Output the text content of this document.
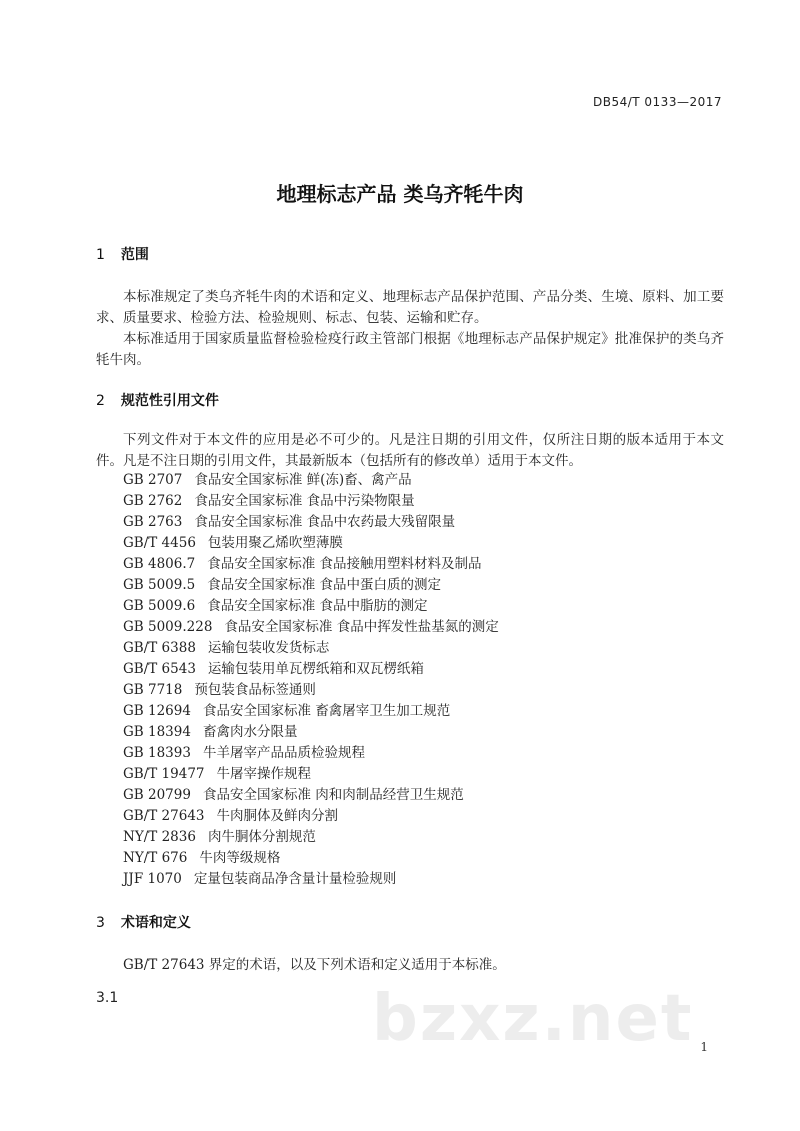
DB54/T 0133—2017
地理标志产品 类乌齐牦牛肉
1 范围
本标准规定了类乌齐牦牛肉的术语和定义、地理标志产品保护范围、产品分类、生境、原料、加工要求、质量要求、检验方法、检验规则、标志、包装、运输和贮存。
本标准适用于国家质量监督检验检疫行政主管部门根据《地理标志产品保护规定》批准保护的类乌齐牦牛肉。
2 规范性引用文件
下列文件对于本文件的应用是必不可少的。凡是注日期的引用文件，仅所注日期的版本适用于本文件。凡是不注日期的引用文件，其最新版本（包括所有的修改单）适用于本文件。
GB 2707 食品安全国家标准 鲜(冻)畜、禽产品
GB 2762 食品安全国家标准 食品中污染物限量
GB 2763 食品安全国家标准 食品中农药最大残留限量
GB/T 4456 包装用聚乙烯吹塑薄膜
GB 4806.7 食品安全国家标准 食品接触用塑料材料及制品
GB 5009.5 食品安全国家标准 食品中蛋白质的测定
GB 5009.6 食品安全国家标准 食品中脂肪的测定
GB 5009.228 食品安全国家标准 食品中挥发性盐基氮的测定
GB/T 6388 运输包装收发货标志
GB/T 6543 运输包装用单瓦楞纸箱和双瓦楞纸箱
GB 7718 预包装食品标签通则
GB 12694 食品安全国家标准 畜禽屠宰卫生加工规范
GB 18394 畜禽肉水分限量
GB 18393 牛羊屠宰产品品质检验规程
GB/T 19477 牛屠宰操作规程
GB 20799 食品安全国家标准 肉和肉制品经营卫生规范
GB/T 27643 牛肉胴体及鲜肉分割
NY/T 2836 肉牛胴体分割规范
NY/T 676 牛肉等级规格
JJF 1070 定量包装商品净含量计量检验规则
3 术语和定义
GB/T 27643 界定的术语，以及下列术语和定义适用于本标准。
3.1	bzxz.net 1
